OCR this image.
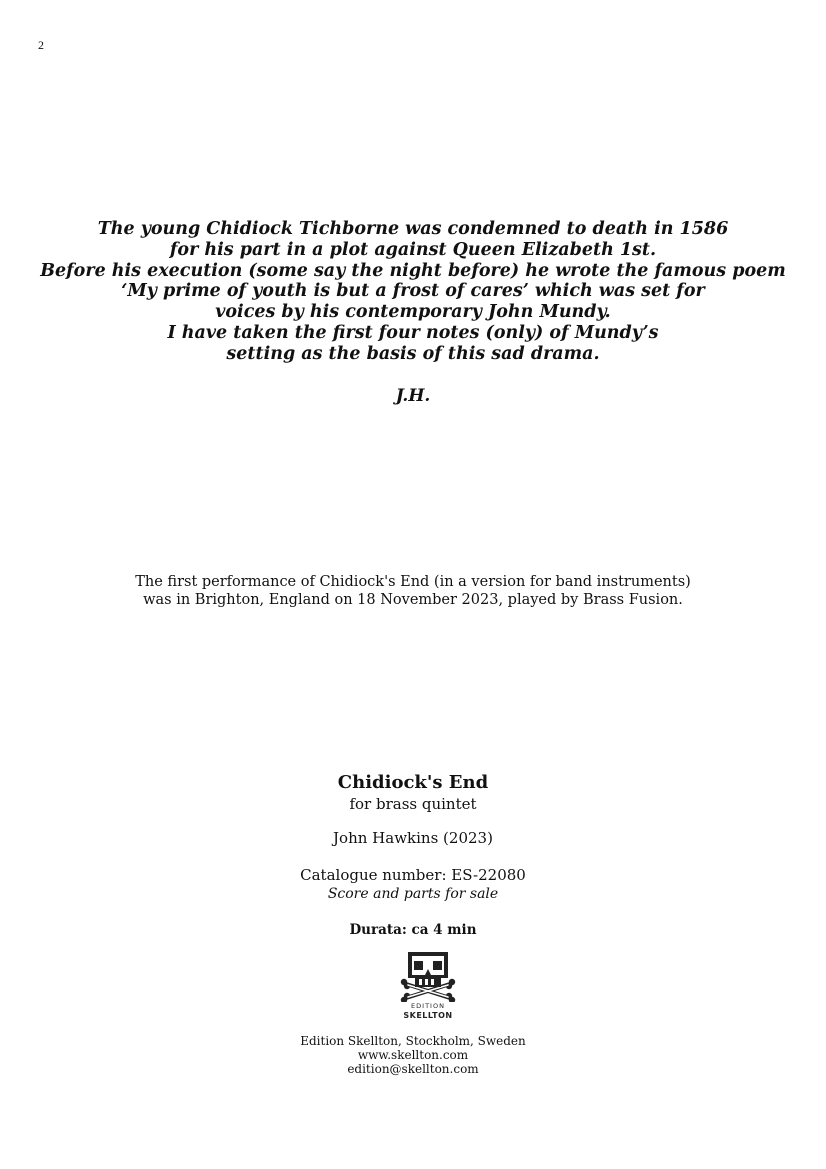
2
The young Chidiock Tichborne was condemned to death in 1586
for his part in a plot against Queen Elizabeth 1st.
Before his execution (some say the night before) he wrote the famous poem
‘My prime of youth is but a frost of cares’ which was set for
voices by his contemporary John Mundy.
I have taken the first four notes (only) of Mundy’s
setting as the basis of this sad drama.
J.H.
The first performance of Chidiock's End (in a version for band instruments)
was in Brighton, England on 18 November 2023, played by Brass Fusion.
Chidiock's End
for brass quintet
John Hawkins (2023)
Catalogue number: ES-22080
Score and parts for sale
Durata: ca 4 min
EDITION
SKELLTON
Edition Skellton, Stockholm, Sweden
www.skellton.com
edition@skellton.com
